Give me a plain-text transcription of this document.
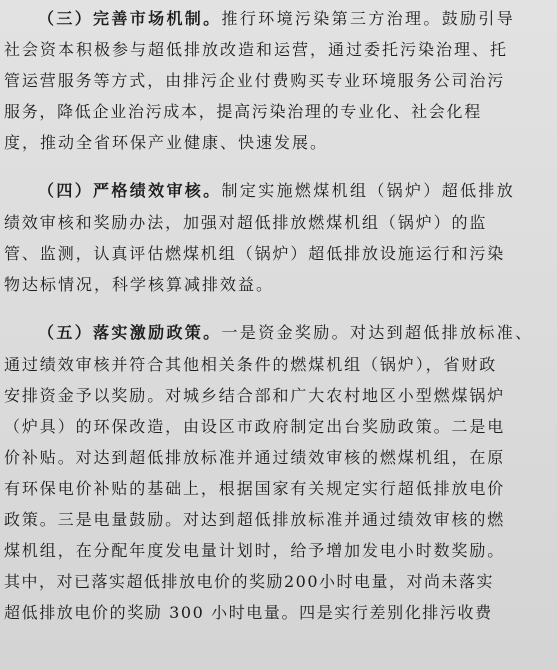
（三）完善市场机制。推行环境污染第三方治理。鼓励引导
社会资本积极参与超低排放改造和运营，通过委托污染治理、托
管运营服务等方式，由排污企业付费购买专业环境服务公司治污
服务，降低企业治污成本，提高污染治理的专业化、社会化程
度，推动全省环保产业健康、快速发展。
（四）严格绩效审核。制定实施燃煤机组（锅炉）超低排放
绩效审核和奖励办法，加强对超低排放燃煤机组（锅炉）的监
管、监测，认真评估燃煤机组（锅炉）超低排放设施运行和污染
物达标情况，科学核算减排效益。
（五）落实激励政策。一是资金奖励。对达到超低排放标准、
通过绩效审核并符合其他相关条件的燃煤机组（锅炉），省财政
安排资金予以奖励。对城乡结合部和广大农村地区小型燃煤锅炉
（炉具）的环保改造，由设区市政府制定出台奖励政策。二是电
价补贴。对达到超低排放标准并通过绩效审核的燃煤机组，在原
有环保电价补贴的基础上，根据国家有关规定实行超低排放电价
政策。三是电量鼓励。对达到超低排放标准并通过绩效审核的燃
煤机组，在分配年度发电量计划时，给予增加发电小时数奖励。
其中，对已落实超低排放电价的奖励200小时电量，对尚未落实
超低排放电价的奖励 300 小时电量。四是实行差别化排污收费
